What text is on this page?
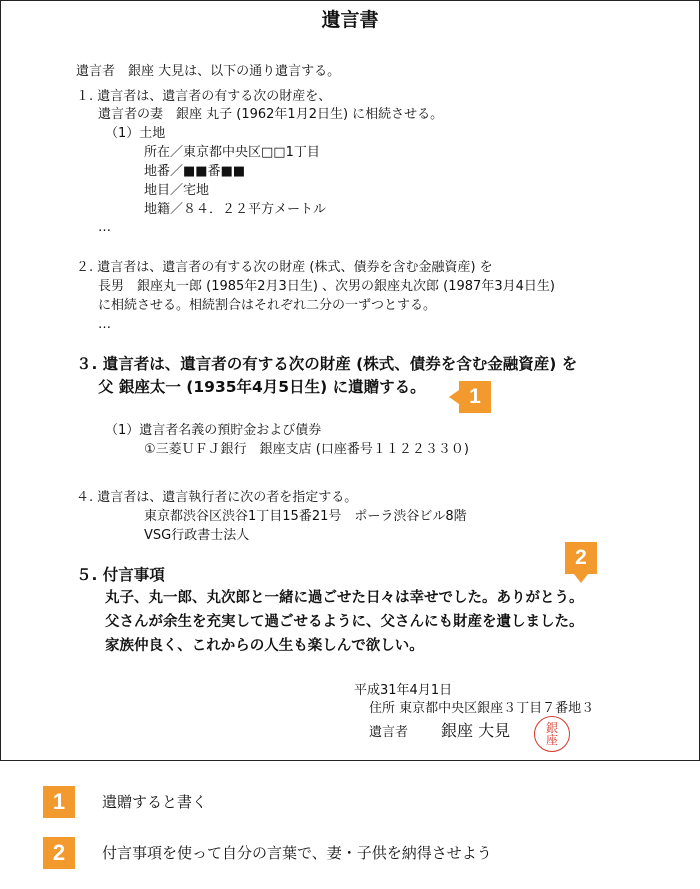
遺言書
遺言者　銀座 大見は、以下の通り遺言する。
１. 遺言者は、遺言者の有する次の財産を、
遺言者の妻　銀座 丸子 (1962年1月2日生) に相続させる。
（1）土地
所在／東京都中央区□□1丁目
地番／■■番■■
地目／宅地
地籍／８４．２２平方メートル
…
２. 遺言者は、遺言者の有する次の財産 (株式、債券を含む金融資産) を
長男　銀座丸一郎 (1985年2月3日生) 、次男の銀座丸次郎 (1987年3月4日生)
に相続させる。相続割合はそれぞれ二分の一ずつとする。
…
３. 遺言者は、遺言者の有する次の財産 (株式、債券を含む金融資産) を
父 銀座太一 (1935年4月5日生) に遺贈する。	1
（1）遺言者名義の預貯金および債券
①三菱ＵＦＪ銀行　銀座支店 (口座番号１１２２３３０)
４. 遺言者は、遺言執行者に次の者を指定する。
東京都渋谷区渋谷1丁目15番21号　ポーラ渋谷ビル8階
VSG行政書士法人
2
５. 付言事項
丸子、丸一郎、丸次郎と一緒に過ごせた日々は幸せでした。ありがとう。
父さんが余生を充実して過ごせるように、父さんにも財産を遺しました。
家族仲良く、これからの人生も楽しんで欲しい。
平成31年4月1日
住所 東京都中央区銀座３丁目７番地３
遺言者 銀座 大見	銀
座
1	遺贈すると書く
2	付言事項を使って自分の言葉で、妻・子供を納得させよう
